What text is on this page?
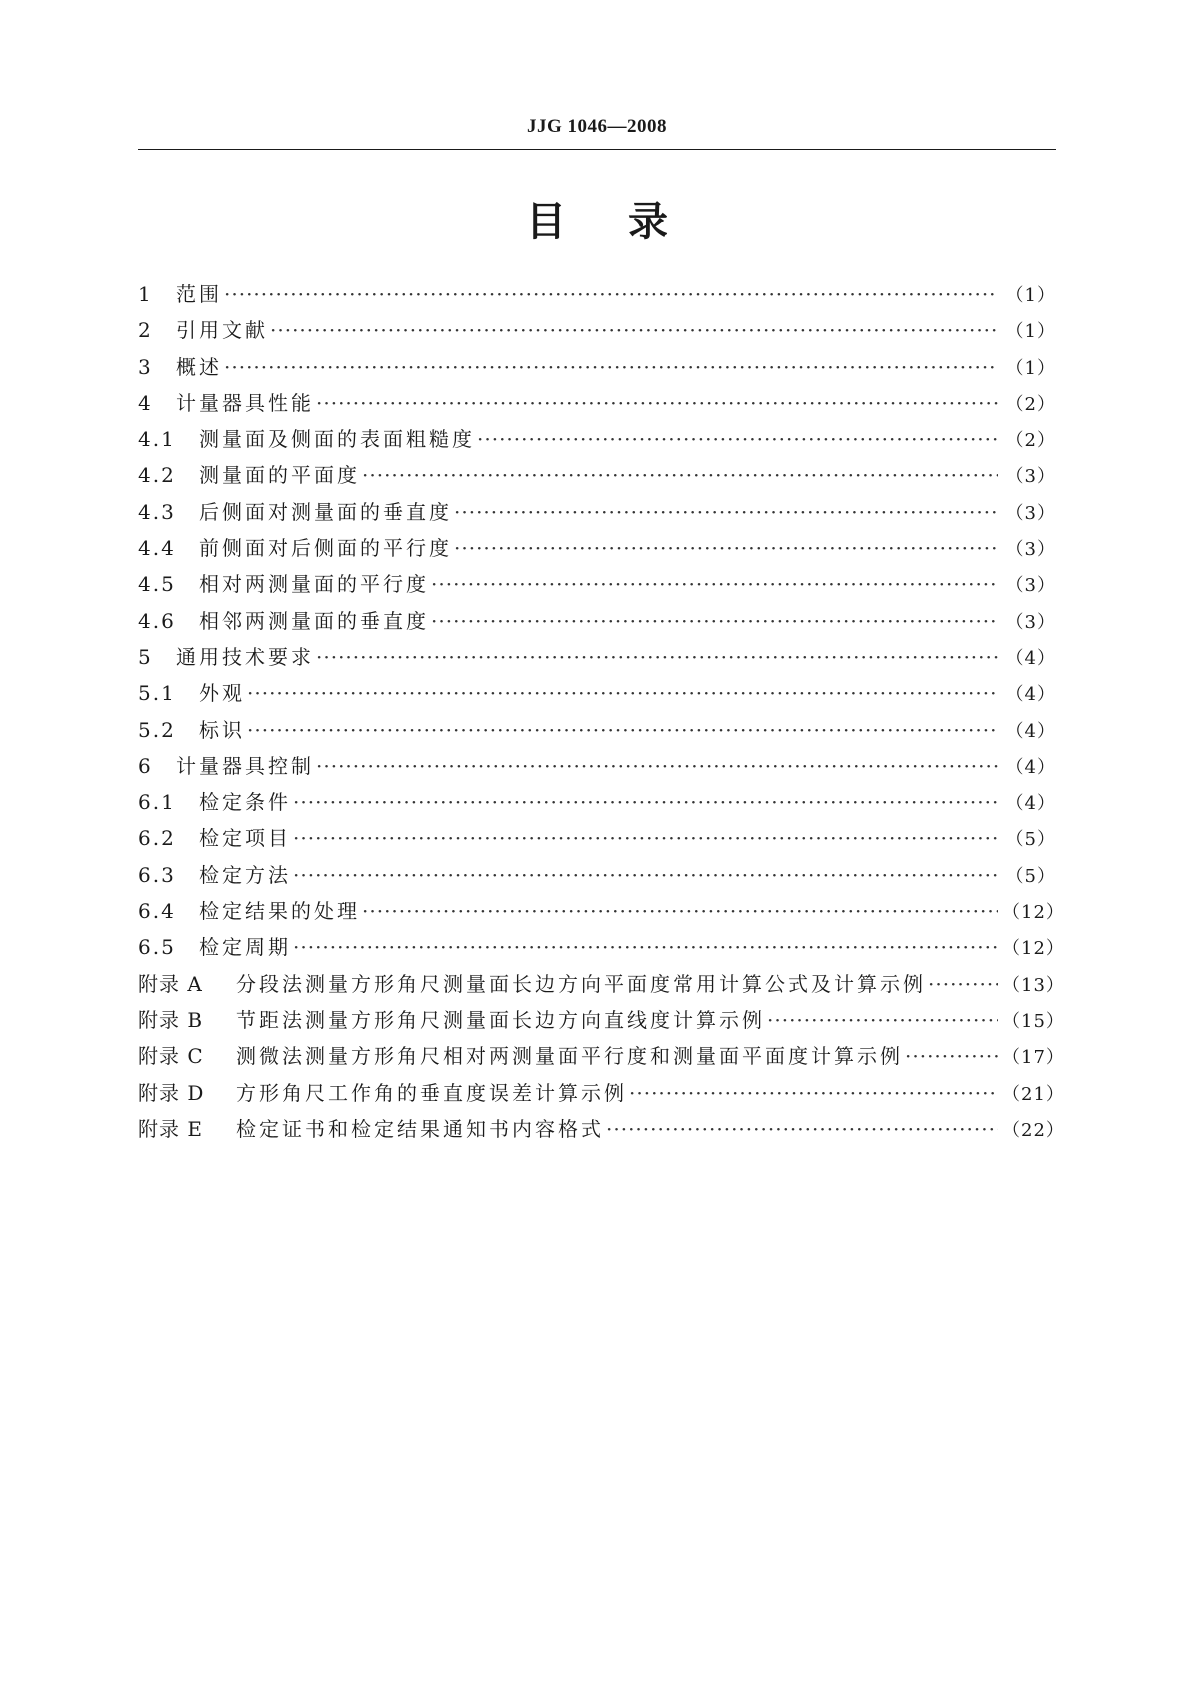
JJG 1046—2008
目录
1	范围 ·····	（1）
2	引用文献 ·····	（1）
3	概述 ·····	（1）
4	计量器具性能 ·····	（2）
4.1	测量面及侧面的表面粗糙度 ·····	（2）
4.2	测量面的平面度 ·····	（3）
4.3	后侧面对测量面的垂直度 ·····	（3）
4.4	前侧面对后侧面的平行度 ·····	（3）
4.5	相对两测量面的平行度 ·····	（3）
4.6	相邻两测量面的垂直度 ·····	（3）
5	通用技术要求 ·····	（4）
5.1	外观 ·····	（4）
5.2	标识 ·····	（4）
6	计量器具控制 ·····	（4）
6.1	检定条件 ·····	（4）
6.2	检定项目 ·····	（5）
6.3	检定方法 ·····	（5）
6.4	检定结果的处理 ·····	（12）
6.5	检定周期 ·····	（12）
附录 A	分段法测量方形角尺测量面长边方向平面度常用计算公式及计算示例 ·····	（13）
附录 B	节距法测量方形角尺测量面长边方向直线度计算示例 ·····	（15）
附录 C	测微法测量方形角尺相对两测量面平行度和测量面平面度计算示例 ·····	（17）
附录 D	方形角尺工作角的垂直度误差计算示例 ·····	（21）
附录 E	检定证书和检定结果通知书内容格式 ·····	（22）
